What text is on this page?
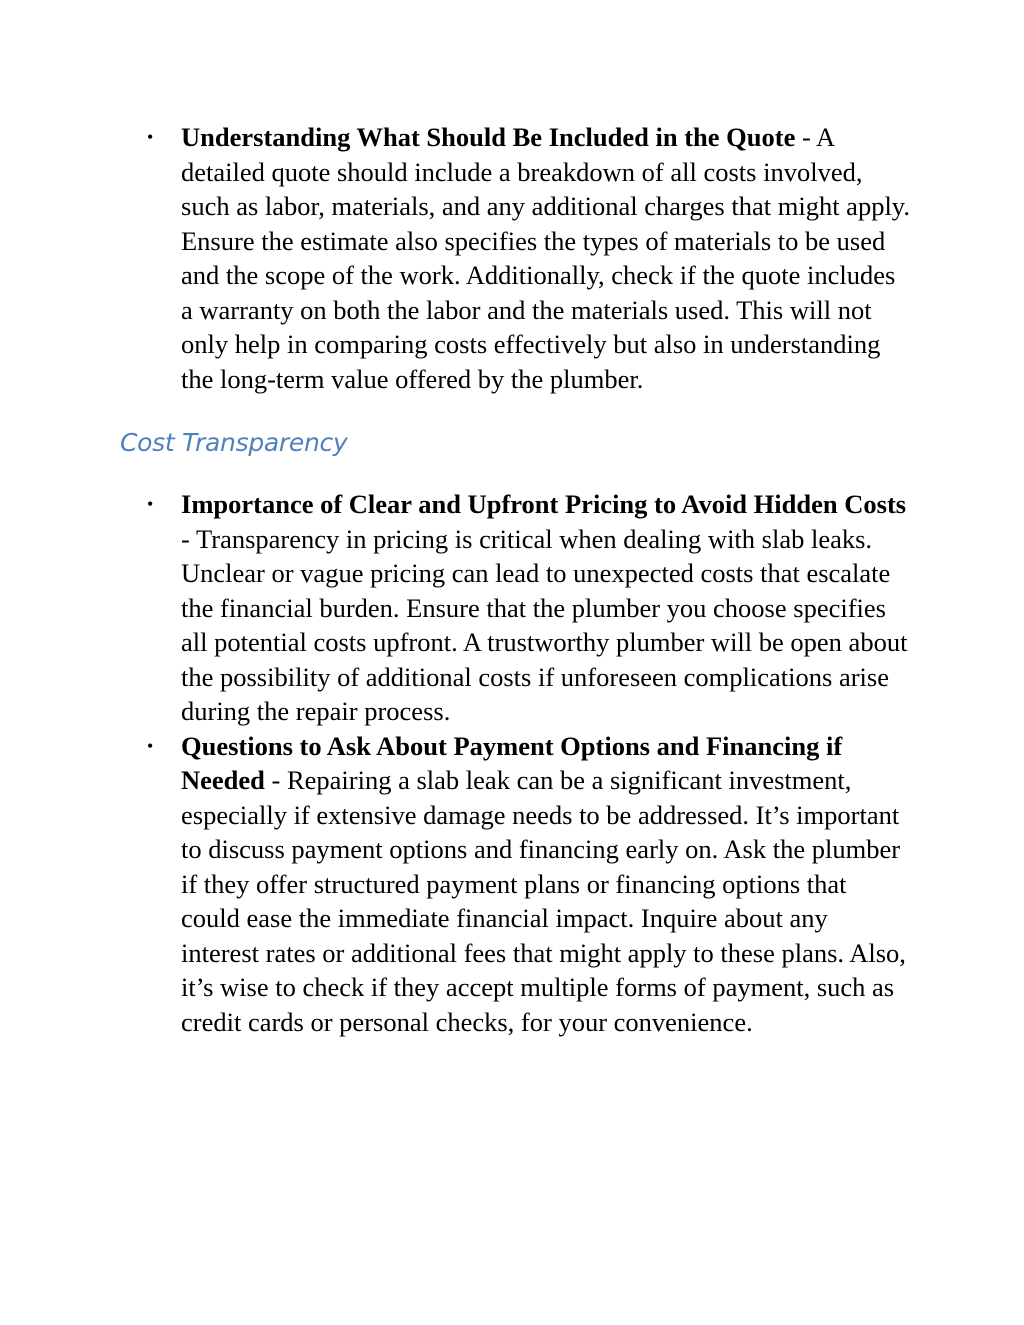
• Understanding What Should Be Included in the Quote - A detailed quote should include a breakdown of all costs involved, such as labor, materials, and any additional charges that might apply. Ensure the estimate also specifies the types of materials to be used and the scope of the work. Additionally, check if the quote includes a warranty on both the labor and the materials used. This will not only help in comparing costs effectively but also in understanding the long-term value offered by the plumber.
Cost Transparency
• Importance of Clear and Upfront Pricing to Avoid Hidden Costs - Transparency in pricing is critical when dealing with slab leaks. Unclear or vague pricing can lead to unexpected costs that escalate the financial burden. Ensure that the plumber you choose specifies all potential costs upfront. A trustworthy plumber will be open about the possibility of additional costs if unforeseen complications arise during the repair process.
• Questions to Ask About Payment Options and Financing if Needed - Repairing a slab leak can be a significant investment, especially if extensive damage needs to be addressed. It’s important to discuss payment options and financing early on. Ask the plumber if they offer structured payment plans or financing options that could ease the immediate financial impact. Inquire about any interest rates or additional fees that might apply to these plans. Also, it’s wise to check if they accept multiple forms of payment, such as credit cards or personal checks, for your convenience.
